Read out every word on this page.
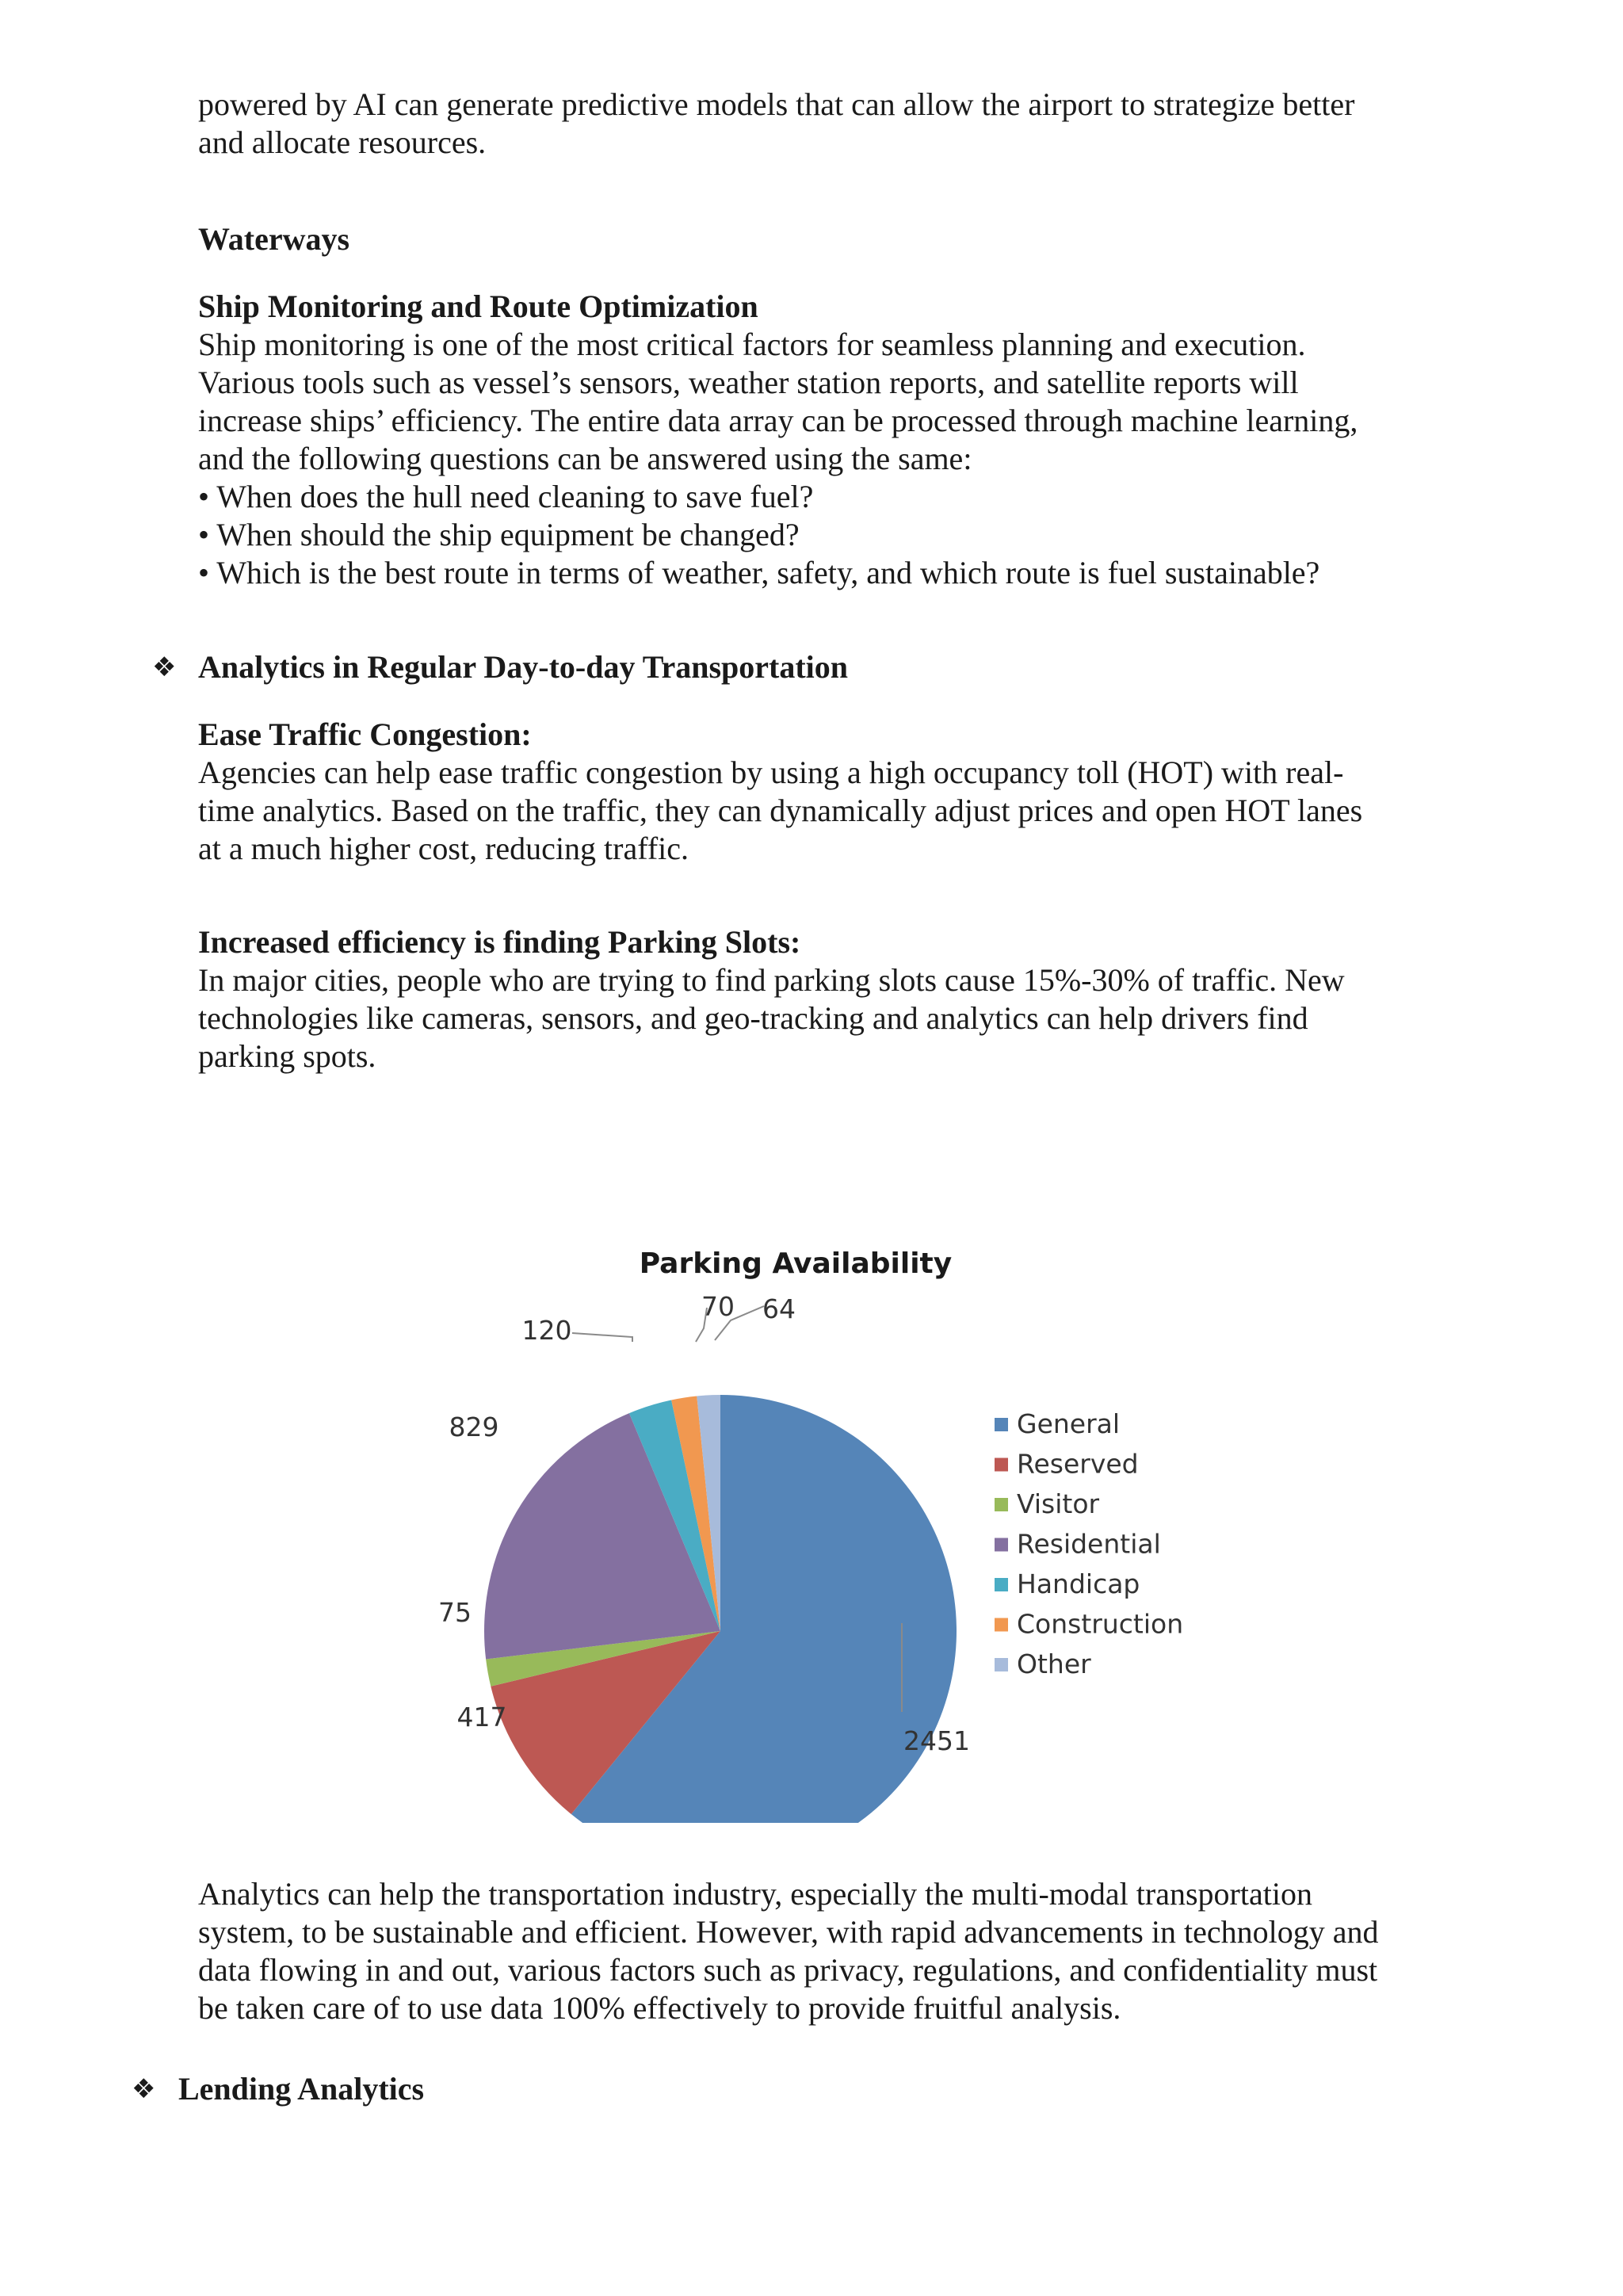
powered by AI can generate predictive models that can allow the airport to strategize better
and allocate resources.
Waterways
Ship Monitoring and Route Optimization
Ship monitoring is one of the most critical factors for seamless planning and execution.
Various tools such as vessel’s sensors, weather station reports, and satellite reports will
increase ships’ efficiency. The entire data array can be processed through machine learning,
and the following questions can be answered using the same:
• When does the hull need cleaning to save fuel?
• When should the ship equipment be changed?
• Which is the best route in terms of weather, safety, and which route is fuel sustainable?
❖ Analytics in Regular Day-to-day Transportation
Ease Traffic Congestion:
Agencies can help ease traffic congestion by using a high occupancy toll (HOT) with real-
time analytics. Based on the traffic, they can dynamically adjust prices and open HOT lanes
at a much higher cost, reducing traffic.
Increased efficiency is finding Parking Slots:
In major cities, people who are trying to find parking slots cause 15%-30% of traffic. New
technologies like cameras, sensors, and geo-tracking and analytics can help drivers find
parking spots.
Parking Availability
2451
417
75
829
120
70 64
General
Reserved
Visitor
Residential
Handicap
Construction
Other
Analytics can help the transportation industry, especially the multi-modal transportation
system, to be sustainable and efficient. However, with rapid advancements in technology and
data flowing in and out, various factors such as privacy, regulations, and confidentiality must
be taken care of to use data 100% effectively to provide fruitful analysis.
❖ Lending Analytics
